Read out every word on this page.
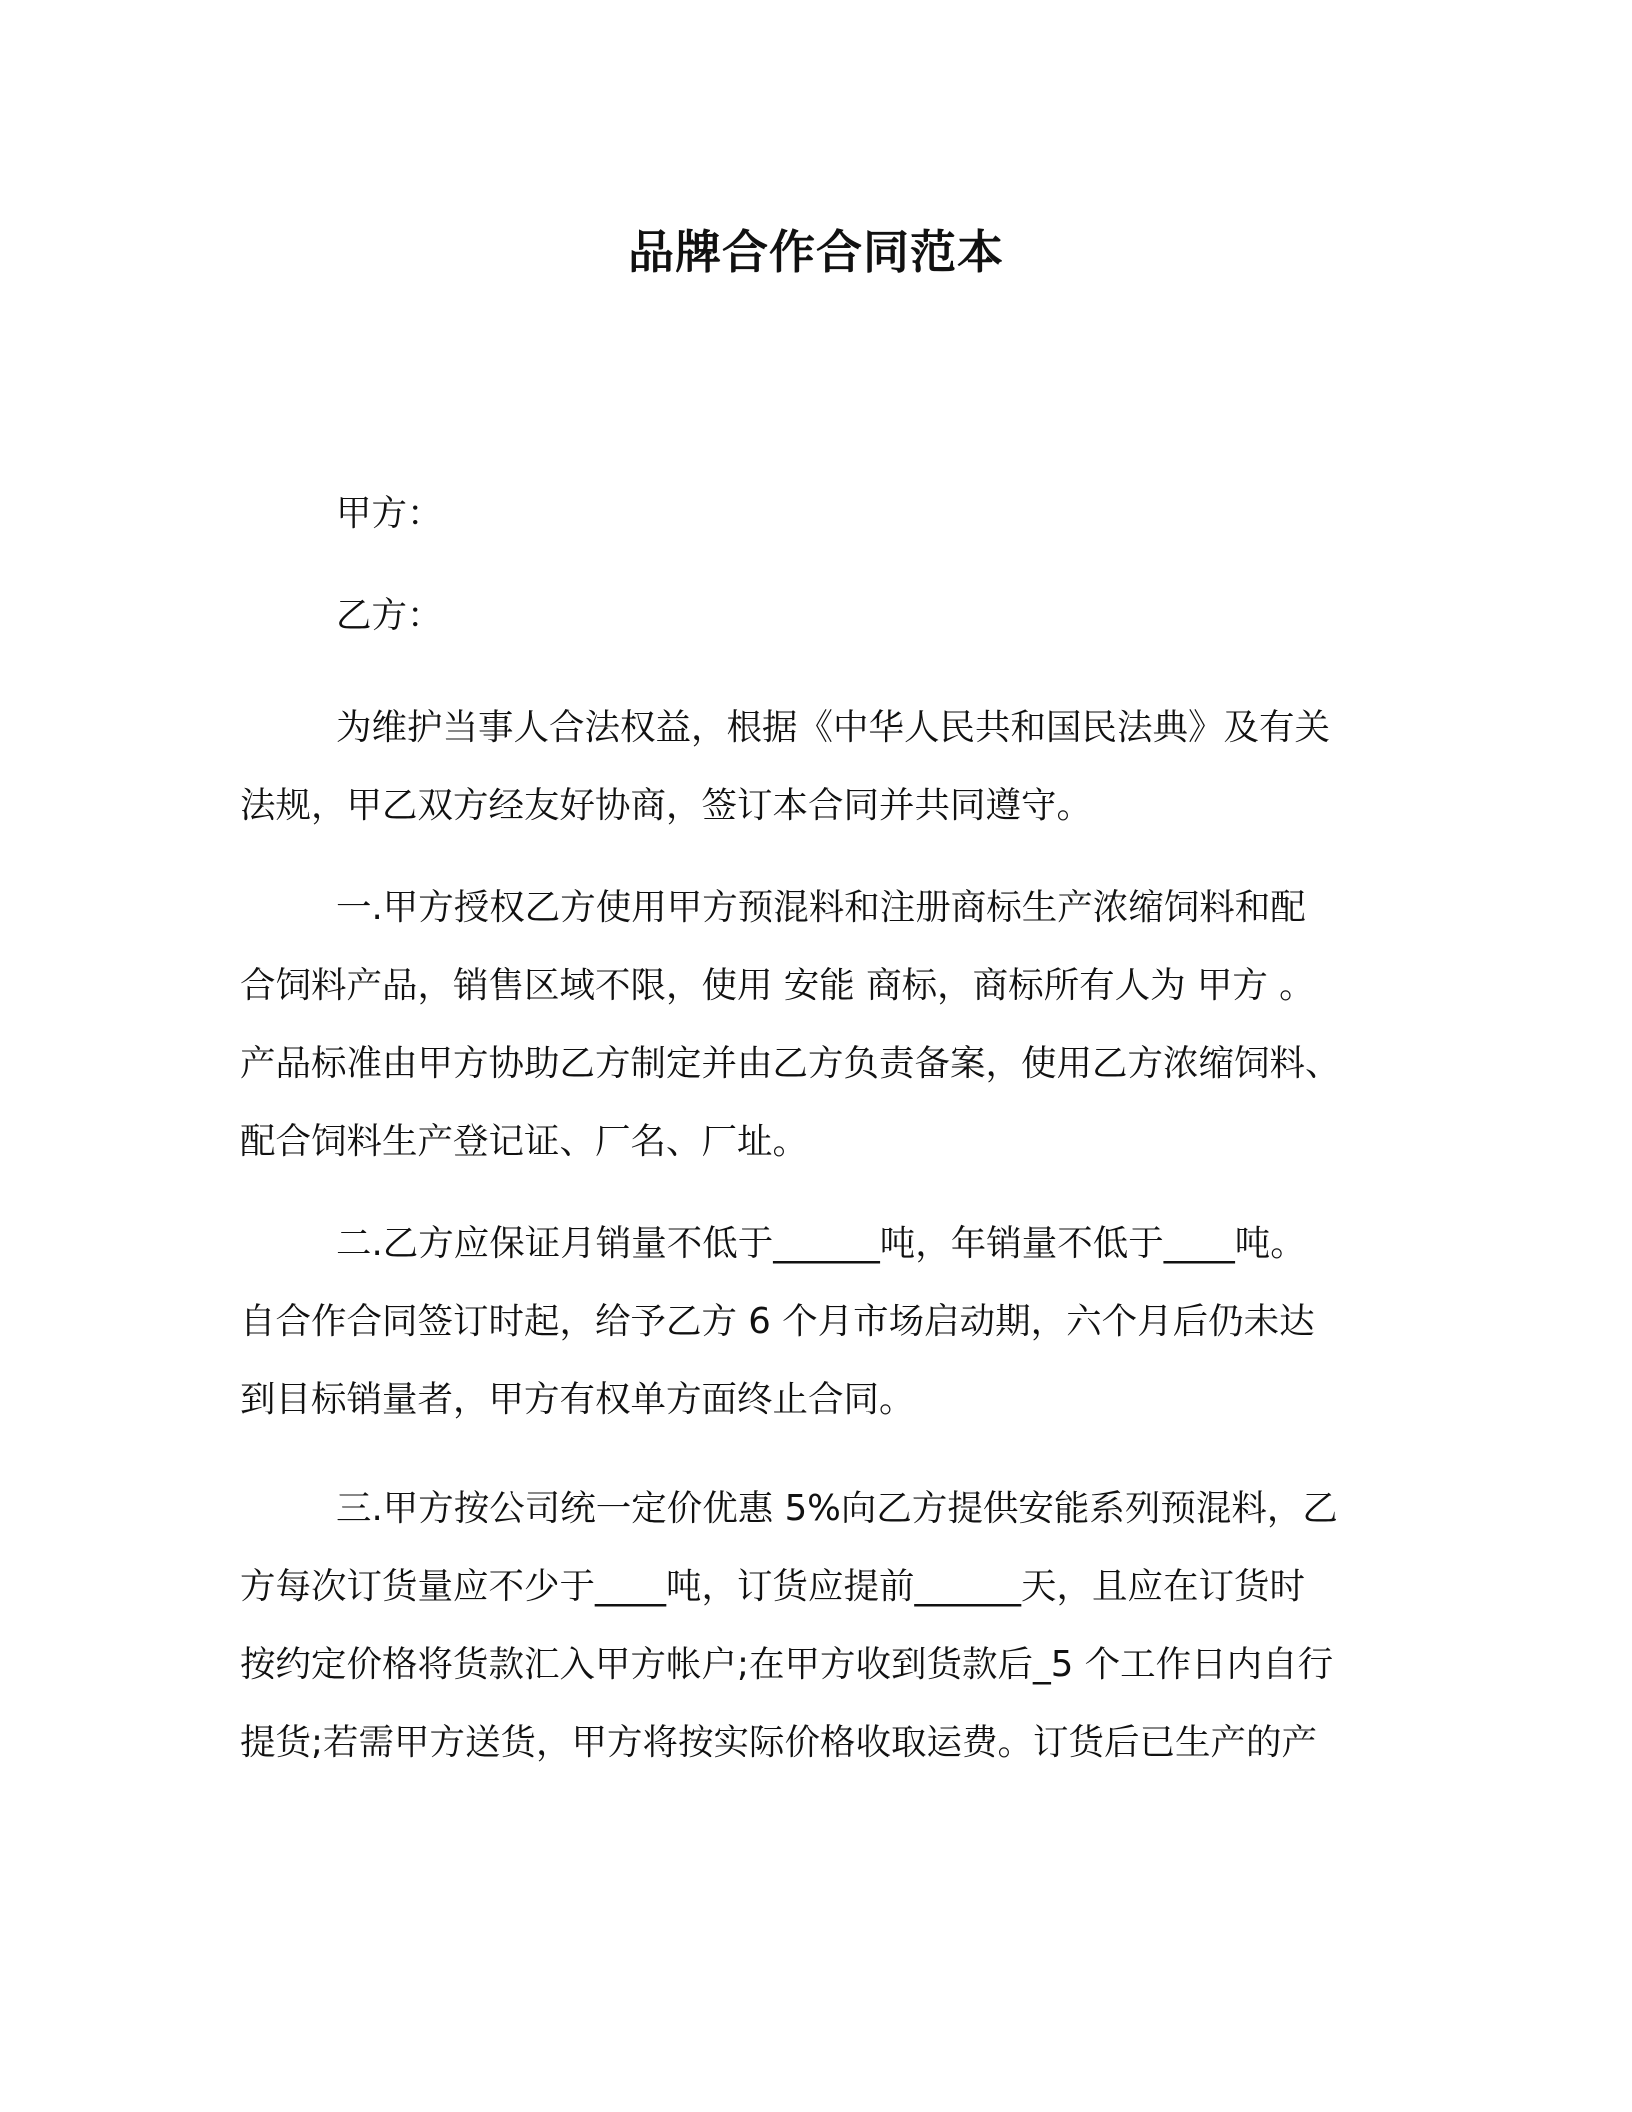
品牌合作合同范本
甲方：
乙方：
为维护当事人合法权益，根据《中华人民共和国民法典》及有关
法规，甲乙双方经友好协商，签订本合同并共同遵守。
一.甲方授权乙方使用甲方预混料和注册商标生产浓缩饲料和配
合饲料产品，销售区域不限，使用 安能 商标，商标所有人为 甲方 。
产品标准由甲方协助乙方制定并由乙方负责备案，使用乙方浓缩饲料、
配合饲料生产登记证、厂名、厂址。
二.乙方应保证月销量不低于______吨，年销量不低于____吨。
自合作合同签订时起，给予乙方 6 个月市场启动期，六个月后仍未达
到目标销量者，甲方有权单方面终止合同。
三.甲方按公司统一定价优惠 5%向乙方提供安能系列预混料，乙
方每次订货量应不少于____吨，订货应提前______天，且应在订货时
按约定价格将货款汇入甲方帐户;在甲方收到货款后_5 个工作日内自行
提货;若需甲方送货，甲方将按实际价格收取运费。订货后已生产的产
